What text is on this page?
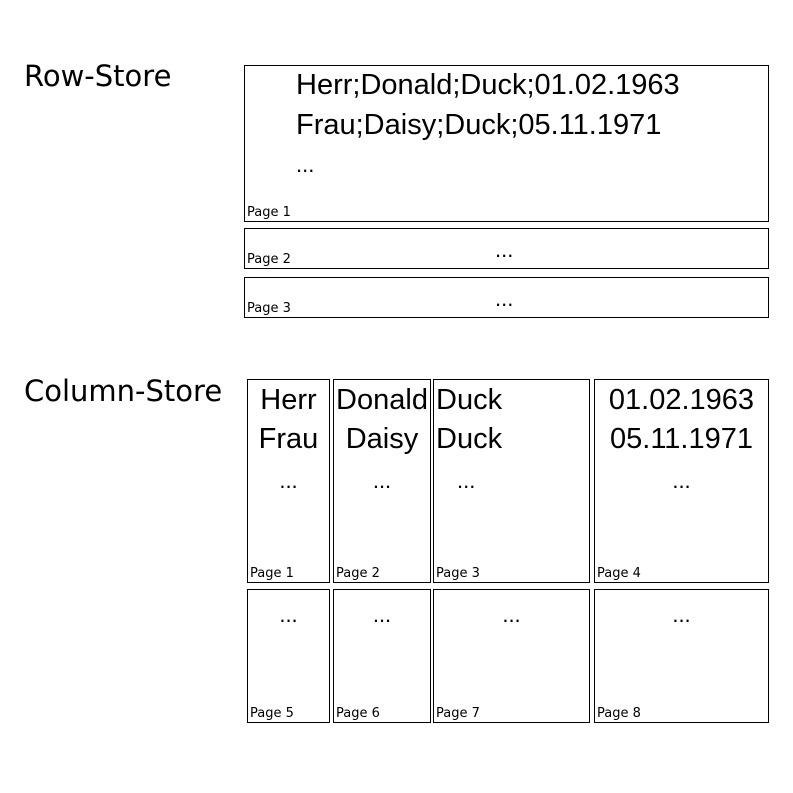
Row-Store	Herr;Donald;Duck;01.02.1963
Frau;Daisy;Duck;05.11.1971
...
Page 1
...
Page 2
...
Page 3
Column-Store	Herr
Frau
...
Page 1
Donald
Daisy
...
Page 2
Duck
Duck
...
Page 3
01.02.1963
05.11.1971
...
Page 4
...
Page 5
...
Page 6
...
Page 7
...
Page 8
